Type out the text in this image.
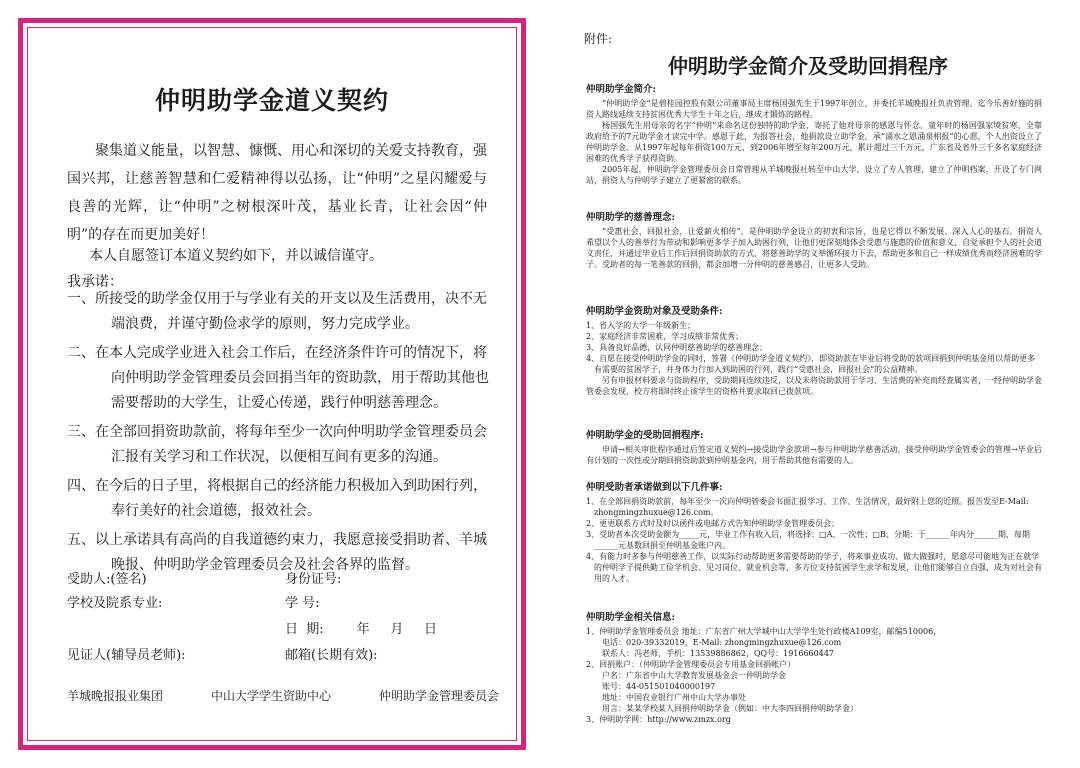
仲明助学金道义契约
聚集道义能量，以智慧、慷慨、用心和深切的关爱支持教育，强国兴邦，让慈善智慧和仁爱精神得以弘扬，让“仲明”之星闪耀爱与良善的光辉，让“仲明”之树根深叶茂，基业长青，让社会因“仲明”的存在而更加美好！
本人自愿签订本道义契约如下，并以诚信谨守。
我承诺：
一、所接受的助学金仅用于与学业有关的开支以及生活费用，决不无端浪费，并谨守勤俭求学的原则，努力完成学业。
二、在本人完成学业进入社会工作后，在经济条件许可的情况下，将向仲明助学金管理委员会回捐当年的资助款，用于帮助其他也需要帮助的大学生，让爱心传递，践行仲明慈善理念。
三、在全部回捐资助款前，将每年至少一次向仲明助学金管理委员会汇报有关学习和工作状况，以便相互间有更多的沟通。
四、在今后的日子里，将根据自己的经济能力积极加入到助困行列，奉行美好的社会道德，报效社会。
五、以上承诺具有高尚的自我道德约束力，我愿意接受捐助者、羊城晚报、仲明助学金管理委员会及社会各界的监督。
受助人:(签名)	身份证号:
学校及院系专业:	学 号:
日  期:        年     月     日
见证人(辅导员老师):	邮箱(长期有效):
羊城晚报报业集团	中山大学学生资助中心	仲明助学金管理委员会
附件:
仲明助学金简介及受助回捐程序
仲明助学金简介:

“仲明助学金”是碧桂园控股有限公司董事局主席杨国强先生于1997年创立，并委托羊城晚报社负责管理。迄今乐善好施的捐资人路线延续支持贫困优秀大学生十年之后，继成才锻炼的路程。

杨国强先生用母亲的名字“仲明”来命名这份独特的助学金，寄托了他对母亲的感恩与怀念。童年时的杨国强家境贫寒，全靠政府给予的7元助学金才读完中学。感恩于此，为报答社会，他捐款设立助学金，承“涌水之恩涌泉相报”的心愿，个人出资设立了仲明助学金。从1997年起每年捐资100万元，到2006年增至每年200万元，累计超过三千万元，广东省及省外三千多名家庭经济困难的优秀学子获得资助。

2005年起，仲明助学金管理委员会日常管理从羊城晚报社转至中山大学，设立了专人管理，建立了仲明档案，开设了专门网站，捐资人与仲明学子建立了更紧密的联系。

仲明助学的慈善理念:

“受惠社会，回报社会，让爱薪火相传”，是仲明助学金设立的初衷和宗旨，也是它得以不断发展、深入人心的基石。捐资人希望以个人的善举行为带动和影响更多学子加入助困行列，让他们更深刻地体会受惠与施惠的价值和意义，自觉承担个人的社会道义责任，并通过毕业后工作后回捐资助款的方式，将慈善助学的义举循环接力下去，帮助更多和自己一样成绩优秀而经济困难的学子。受助者的每一笔善款的回捐，都会加增一分仲明的慈善感召，让更多人受助。

仲明助学金资助对象及受助条件:
1、省入学的大学一年级新生；
2、家庭经济非常困难，学习成绩非常优秀；
3、具备良好品德，认同仲明慈善助学的慈善理念；
4、自愿在接受仲明助学金的同时，签署《仲明助学金道义契约》，即资助款在毕业后将受助的款项回捐到仲明基金用以帮助更多有需要的贫困学子，并身体力行加入到助困的行列，践行“受惠社会，回报社会”的公益精神。
另有申报材料要求与资助程序，受助期间连续违反，以及未将资助款用于学习、生活费的补充而经查属实者，一经仲明助学金管委会发现，校方将即时终止该学生的资格并要求取回已拨款项。
仲明助学金的受助回捐程序:

申请→相关审批程序通过后签定道义契约→接受助学金款项→参与仲明助学慈善活动，接受仲明助学金管委会的管理→毕业后有计划的一次性或分期回捐资助款到仲明基金内，用于帮助其他有需要的人。

仲明受助者承诺做到以下几件事:
1、在全部回捐资助款前，每年至少一次向仲明管委会书面汇报学习、工作、生活情况，最好附上您的近照。报告发至E-Mail: zhongmingzhuxue@126.com。
2、更更联系方式时及时以函件或电邮方式告知仲明助学金管理委员会；
3、受助者本次受助金额为_____元，毕业工作有收入后，将选择：□A、一次性；□B、分期：于______年内分______期，每期______元基数回捐至仲明基金账户内。
4、有能力时多参与仲明慈善工作，以实际行动帮助更多需要帮助的学子，将来事业成功、做大做强时，愿意尽可能地为正在就学的仲明学子提供勤工俭学机会、见习岗位、就业机会等，多方位支持贫困学生求学和发展，让他们能够自立自强，成为对社会有用的人才。
仲明助学金相关信息:
1、仲明助学金管理委员会 地址：广东省广州大学城中山大学学生处行政楼A109室，邮编510006，
电话：020-39332019，E-Mail: zhongmingzhuxue@126.com
联系人：冯老师，手机：13539886862，QQ号：1916660447
2、回捐账户：（仲明助学金管理委员会专用基金回捐帐户）
户名：广东省中山大学教育发展基金会一仲明助学金
账号：44-051501040000197
地址：中国农业银行广州中山大学办事处
用言：某某学校某人回捐仲明助学金（例如：中大李四回捐仲明助学金）
3、仲明助学网：http://www.zmzx.org
